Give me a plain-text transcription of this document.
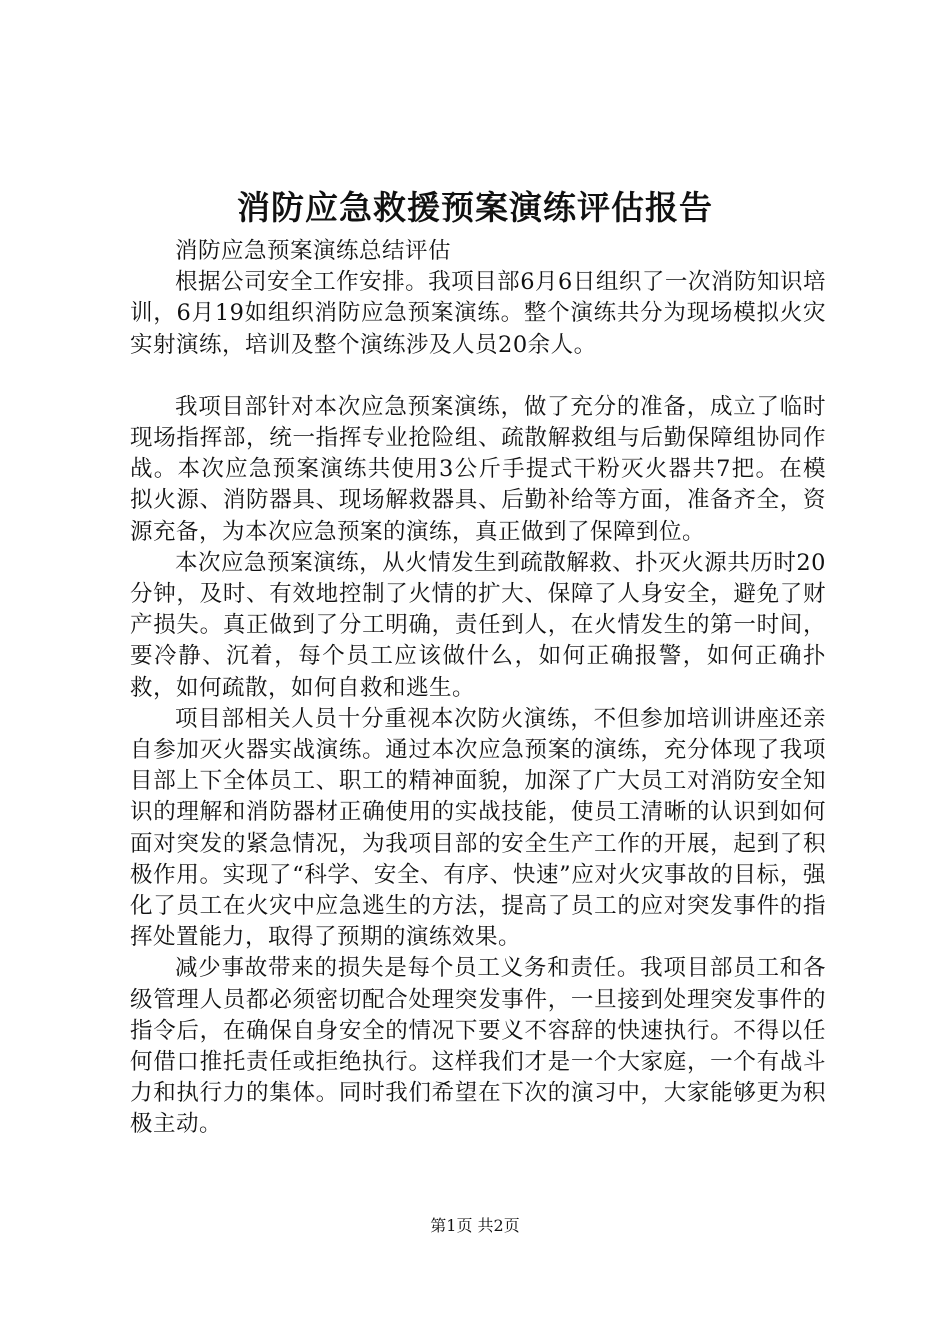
消防应急救援预案演练评估报告

消防应急预案演练总结评估

根据公司安全工作安排。我项目部6月6日组织了一次消防知识培训，6月19如组织消防应急预案演练。整个演练共分为现场模拟火灾实射演练，培训及整个演练涉及人员20余人。

我项目部针对本次应急预案演练，做了充分的准备，成立了临时现场指挥部，统一指挥专业抢险组、疏散解救组与后勤保障组协同作战。本次应急预案演练共使用3公斤手提式干粉灭火器共7把。在模拟火源、消防器具、现场解救器具、后勤补给等方面，准备齐全，资源充备，为本次应急预案的演练，真正做到了保障到位。

本次应急预案演练，从火情发生到疏散解救、扑灭火源共历时20分钟，及时、有效地控制了火情的扩大、保障了人身安全，避免了财产损失。真正做到了分工明确，责任到人，在火情发生的第一时间，要冷静、沉着，每个员工应该做什么，如何正确报警，如何正确扑救，如何疏散，如何自救和逃生。

项目部相关人员十分重视本次防火演练，不但参加培训讲座还亲自参加灭火器实战演练。通过本次应急预案的演练，充分体现了我项目部上下全体员工、职工的精神面貌，加深了广大员工对消防安全知识的理解和消防器材正确使用的实战技能，使员工清晰的认识到如何面对突发的紧急情况，为我项目部的安全生产工作的开展，起到了积极作用。实现了“科学、安全、有序、快速”应对火灾事故的目标，强化了员工在火灾中应急逃生的方法，提高了员工的应对突发事件的指挥处置能力，取得了预期的演练效果。

减少事故带来的损失是每个员工义务和责任。我项目部员工和各级管理人员都必须密切配合处理突发事件，一旦接到处理突发事件的指令后，在确保自身安全的情况下要义不容辞的快速执行。不得以任何借口推托责任或拒绝执行。这样我们才是一个大家庭，一个有战斗力和执行力的集体。同时我们希望在下次的演习中，大家能够更为积极主动。

第1页 共2页
